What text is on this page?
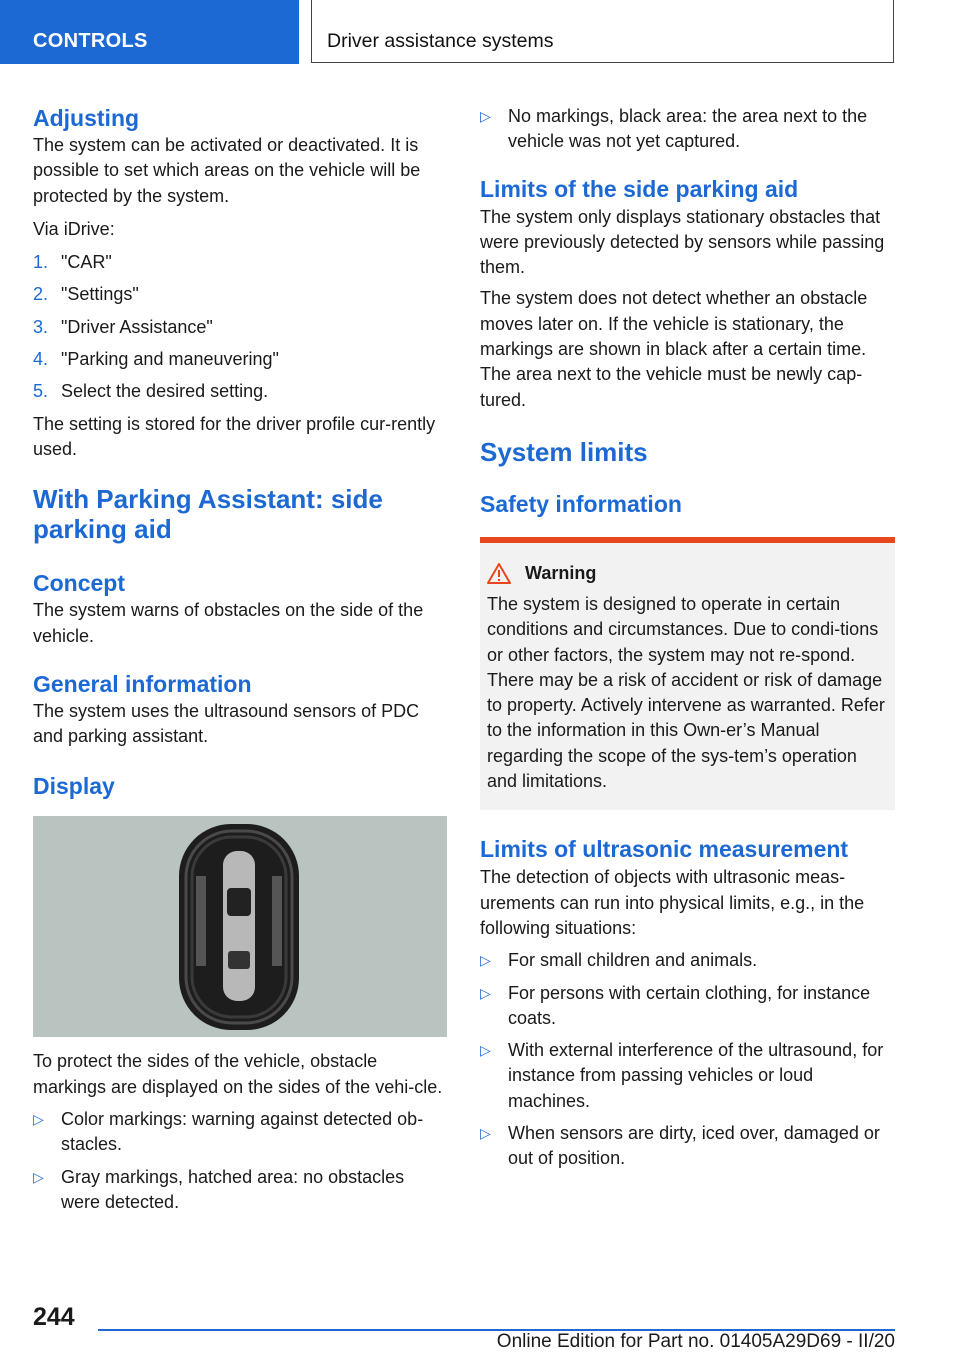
CONTROLS	Driver assistance systems
Adjusting

The system can be activated or deactivated. It is possible to set which areas on the vehicle will be protected by the system.

Via iDrive:

1. "CAR"
2. "Settings"
3. "Driver Assistance"
4. "Parking and maneuvering"
5. Select the desired setting.

The setting is stored for the driver profile cur-rently used.

With Parking Assistant: side parking aid
Concept

The system warns of obstacles on the side of the vehicle.

General information

The system uses the ultrasound sensors of PDC and parking assistant.

Display

To protect the sides of the vehicle, obstacle markings are displayed on the sides of the vehi-cle.

▷ Color markings: warning against detected ob-stacles.
▷ Gray markings, hatched area: no obstacles were detected.
▷ No markings, black area: the area next to the vehicle was not yet captured.
Limits of the side parking aid

The system only displays stationary obstacles that were previously detected by sensors while passing them.

The system does not detect whether an obstacle moves later on. If the vehicle is stationary, the markings are shown in black after a certain time. The area next to the vehicle must be newly cap-tured.

System limits
Safety information
Warning

The system is designed to operate in certain conditions and circumstances. Due to condi-tions or other factors, the system may not re-spond. There may be a risk of accident or risk of damage to property. Actively intervene as warranted. Refer to the information in this Own-er’s Manual regarding the scope of the sys-tem’s operation and limitations.

Limits of ultrasonic measurement

The detection of objects with ultrasonic meas-urements can run into physical limits, e.g., in the following situations:

▷ For small children and animals.
▷ For persons with certain clothing, for instance coats.
▷ With external interference of the ultrasound, for instance from passing vehicles or loud machines.
▷ When sensors are dirty, iced over, damaged or out of position.
244
Online Edition for Part no. 01405A29D69 - II/20
